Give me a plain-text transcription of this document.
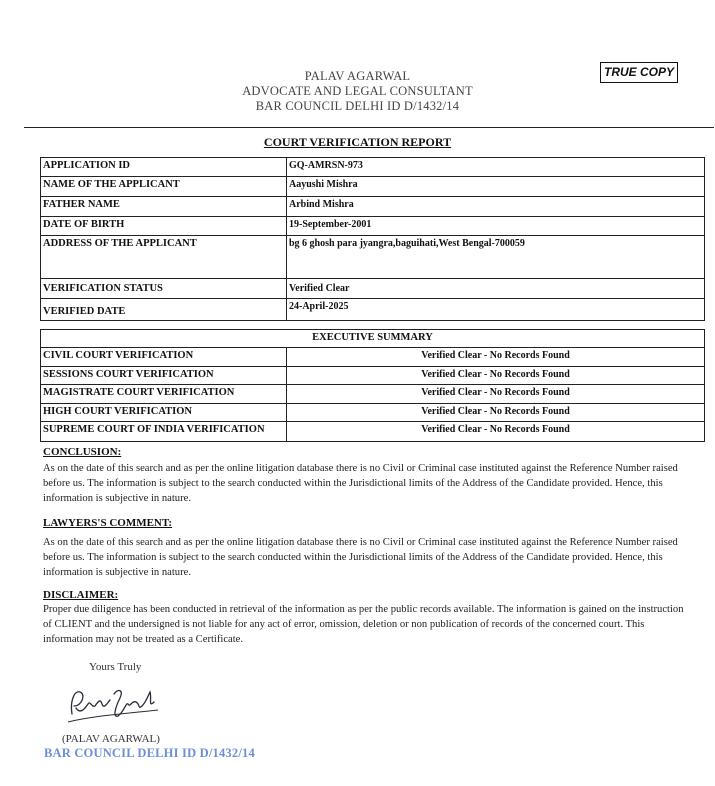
PALAV AGARWAL
ADVOCATE AND LEGAL CONSULTANT
BAR COUNCIL DELHI ID D/1432/14
TRUE COPY
COURT VERIFICATION REPORT
APPLICATION ID	GQ-AMRSN-973
NAME OF THE APPLICANT	Aayushi Mishra
FATHER NAME	Arbind Mishra
DATE OF BIRTH	19-September-2001
ADDRESS OF THE APPLICANT	bg 6 ghosh para jyangra,baguihati,West Bengal-700059
VERIFICATION STATUS	Verified Clear
VERIFIED DATE	24-April-2025
EXECUTIVE SUMMARY	
CIVIL COURT VERIFICATION	Verified Clear - No Records Found
SESSIONS COURT VERIFICATION	Verified Clear - No Records Found
MAGISTRATE COURT VERIFICATION	Verified Clear - No Records Found
HIGH COURT VERIFICATION	Verified Clear - No Records Found
SUPREME COURT OF INDIA VERIFICATION	Verified Clear - No Records Found
CONCLUSION:
As on the date of this search and as per the online litigation database there is no Civil or Criminal case instituted against the Reference Number raised before us. The information is subject to the search conducted within the Jurisdictional limits of the Address of the Candidate provided. Hence, this information is subjective in nature.
LAWYERS'S COMMENT:
As on the date of this search and as per the online litigation database there is no Civil or Criminal case instituted against the Reference Number raised before us. The information is subject to the search conducted within the Jurisdictional limits of the Address of the Candidate provided. Hence, this information is subjective in nature.
DISCLAIMER:
Proper due diligence has been conducted in retrieval of the information as per the public records available. The information is gained on the instruction of CLIENT and the undersigned is not liable for any act of error, omission, deletion or non publication of records of the concerned court. This information may not be treated as a Certificate.
Yours Truly
(PALAV AGARWAL)
BAR COUNCIL DELHI ID D/1432/14
